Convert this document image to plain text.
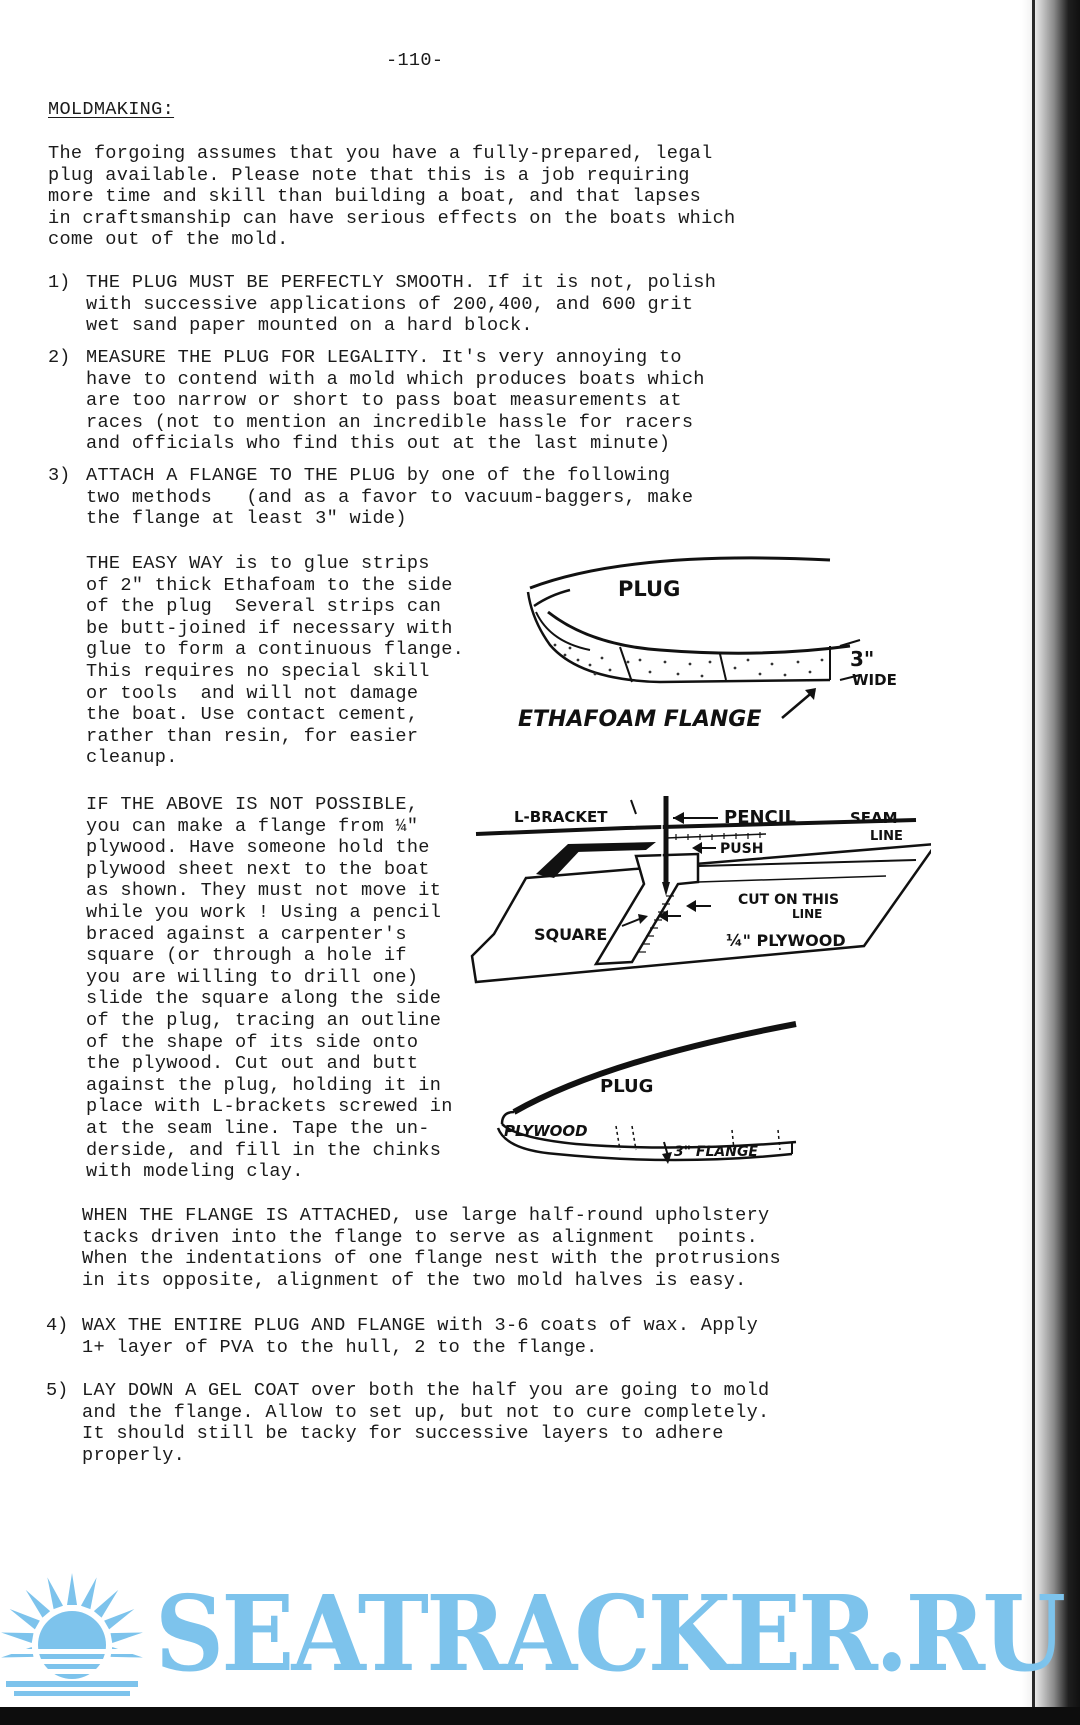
-110-

MOLDMAKING:

The forgoing assumes that you have a fully-prepared, legal
plug available. Please note that this is a job requiring
more time and skill than building a boat, and that lapses
in craftsmanship can have serious effects on the boats which
come out of the mold.

1) THE PLUG MUST BE PERFECTLY SMOOTH. If it is not, polish
with successive applications of 200,400, and 600 grit
wet sand paper mounted on a hard block.

2) MEASURE THE PLUG FOR LEGALITY. It's very annoying to
have to contend with a mold which produces boats which
are too narrow or short to pass boat measurements at
races (not to mention an incredible hassle for racers
and officials who find this out at the last minute)

3) ATTACH A FLANGE TO THE PLUG by one of the following
two methods   (and as a favor to vacuum-baggers, make
the flange at least 3" wide)

THE EASY WAY is to glue strips
of 2" thick Ethafoam to the side
of the plug  Several strips can
be butt-joined if necessary with
glue to form a continuous flange.
This requires no special skill
or tools  and will not damage
the boat. Use contact cement,
rather than resin, for easier
cleanup.

PLUG
3"
WIDE
ETHAFOAM FLANGE

IF THE ABOVE IS NOT POSSIBLE,
you can make a flange from ¼"
plywood. Have someone hold the
plywood sheet next to the boat
as shown. They must not move it
while you work ! Using a pencil
braced against a carpenter's
square (or through a hole if
you are willing to drill one)
slide the square along the side
of the plug, tracing an outline
of the shape of its side onto
the plywood. Cut out and butt
against the plug, holding it in
place with L-brackets screwed in
at the seam line. Tape the un-
derside, and fill in the chinks
with modeling clay.

L-BRACKET	PENCIL	SEAM
LINE
PUSH
CUT ON THIS
LINE
SQUARE	¼" PLYWOOD
PLUG
PLYWOOD
3" FLANGE

WHEN THE FLANGE IS ATTACHED, use large half-round upholstery
tacks driven into the flange to serve as alignment  points.
When the indentations of one flange nest with the protrusions
in its opposite, alignment of the two mold halves is easy.

4) WAX THE ENTIRE PLUG AND FLANGE with 3-6 coats of wax. Apply
1+ layer of PVA to the hull, 2 to the flange.

5) LAY DOWN A GEL COAT over both the half you are going to mold
and the flange. Allow to set up, but not to cure completely.
It should still be tacky for successive layers to adhere
properly.

SEATRACKER.RU
